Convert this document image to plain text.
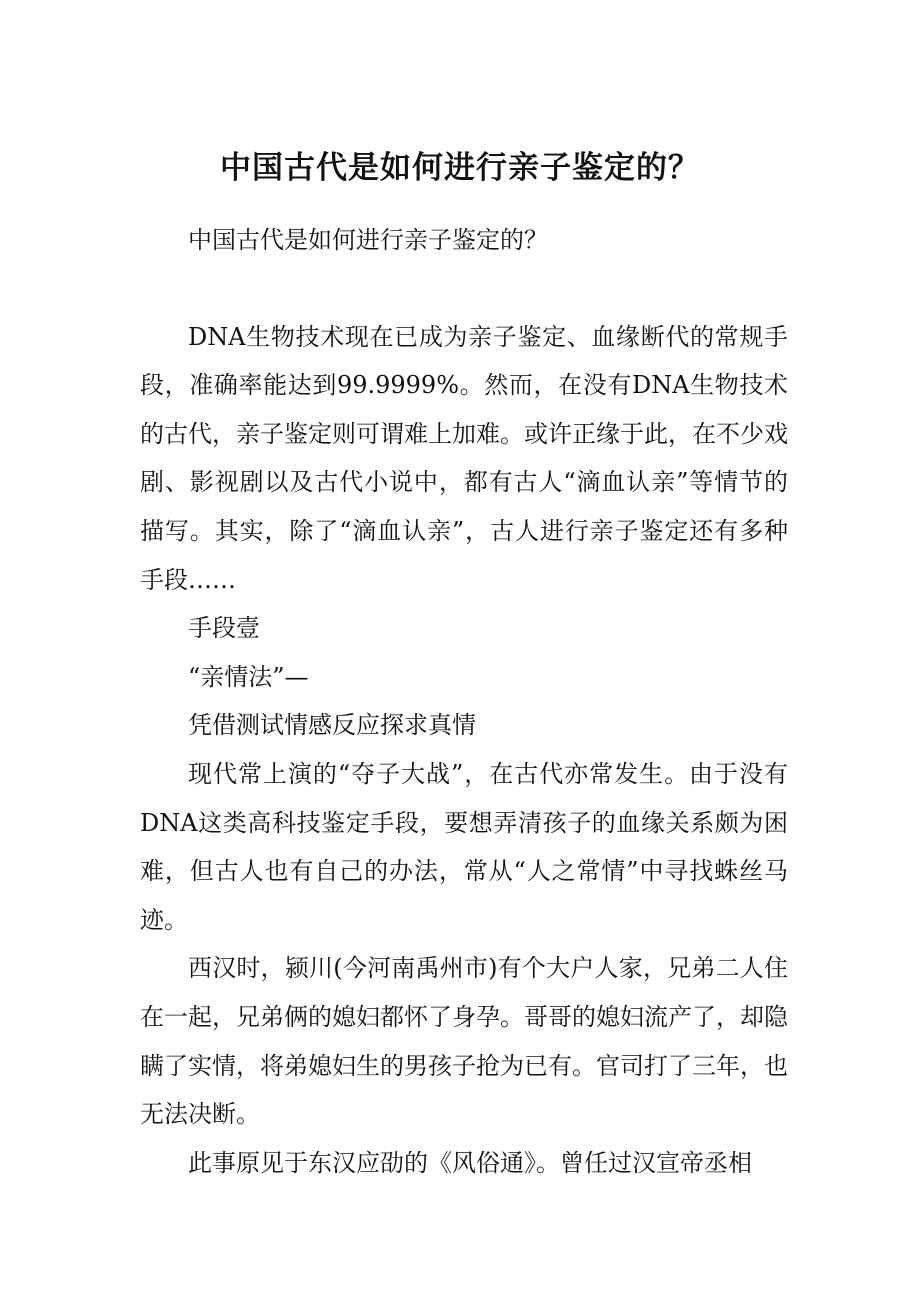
中国古代是如何进行亲子鉴定的？

中国古代是如何进行亲子鉴定的？

DNA生物技术现在已成为亲子鉴定、血缘断代的常规手段，准确率能达到99.9999%。然而，在没有DNA生物技术的古代，亲子鉴定则可谓难上加难。或许正缘于此，在不少戏剧、影视剧以及古代小说中，都有古人“滴血认亲”等情节的描写。其实，除了“滴血认亲”，古人进行亲子鉴定还有多种手段……

手段壹

“亲情法”—

凭借测试情感反应探求真情

现代常上演的“夺子大战”，在古代亦常发生。由于没有DNA这类高科技鉴定手段，要想弄清孩子的血缘关系颇为困难，但古人也有自己的办法，常从“人之常情”中寻找蛛丝马迹。

西汉时，颍川(今河南禹州市)有个大户人家，兄弟二人住在一起，兄弟俩的媳妇都怀了身孕。哥哥的媳妇流产了，却隐瞒了实情，将弟媳妇生的男孩子抢为已有。官司打了三年，也无法决断。

此事原见于东汉应劭的《风俗通》。曾任过汉宣帝丞相
